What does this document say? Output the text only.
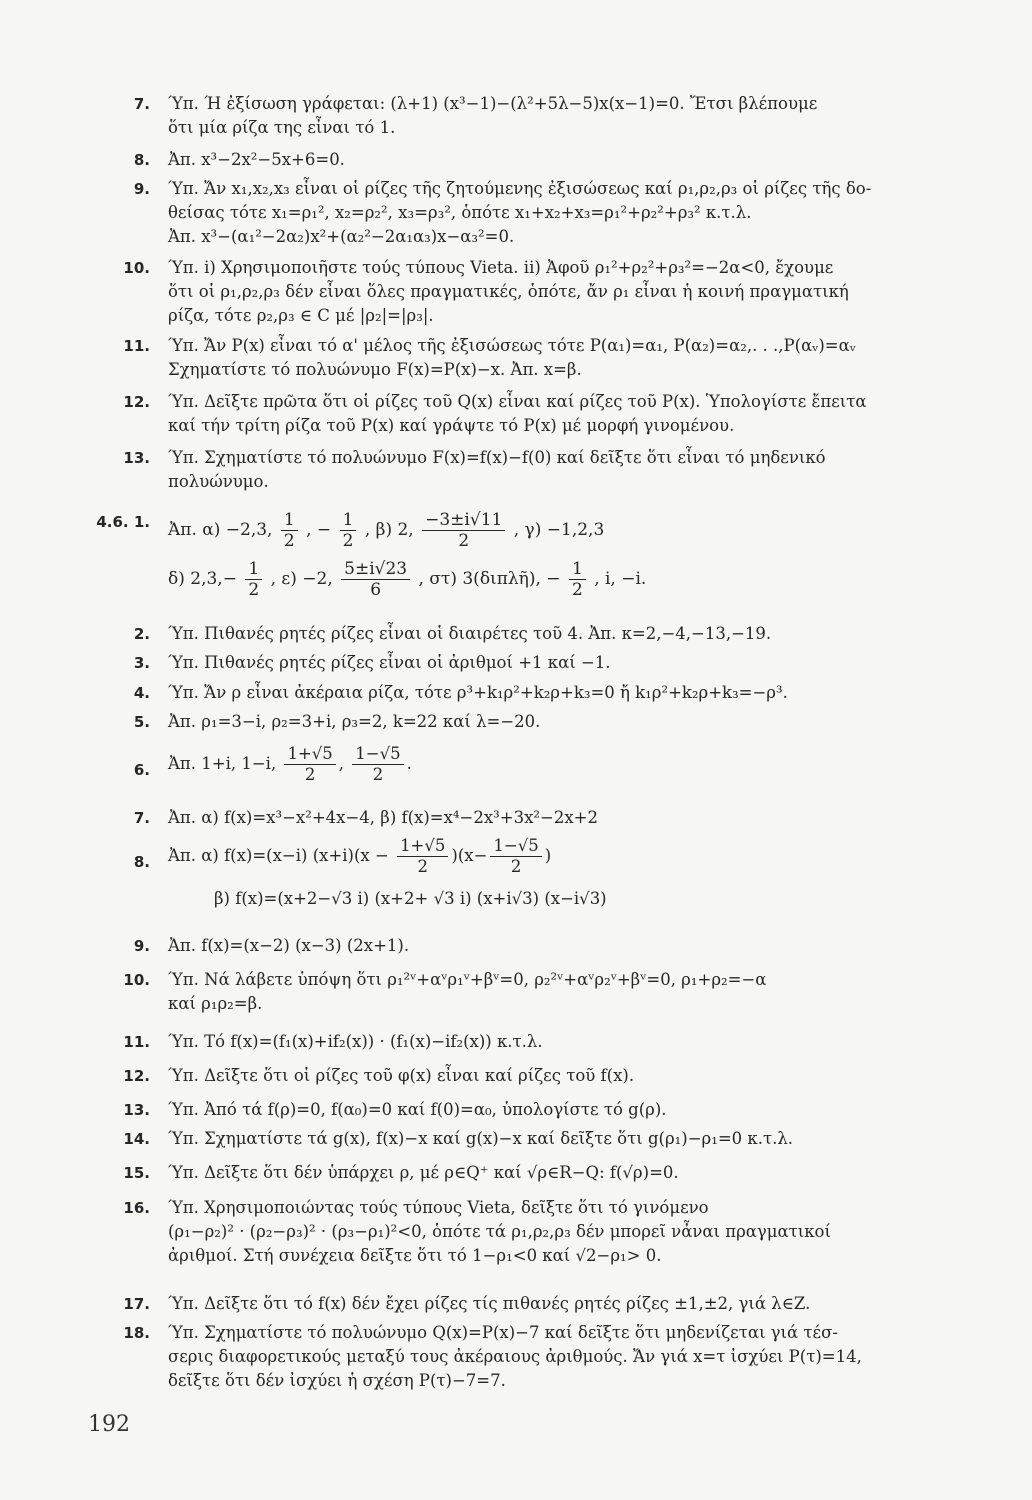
7. Ύπ. Ή ἐξίσωση γράφεται: (λ+1) (x³−1)−(λ²+5λ−5)x(x−1)=0. Ἔτσι βλέπουμε
ὅτι μία ρίζα της εἶναι τό 1.
8. Ἀπ. x³−2x²−5x+6=0.
9. Ύπ. Ἄν x₁,x₂,x₃ εἶναι οἱ ρίζες τῆς ζητούμενης ἐξισώσεως καί ρ₁,ρ₂,ρ₃ οἱ ρίζες τῆς δο-
θείσας τότε x₁=ρ₁², x₂=ρ₂², x₃=ρ₃², ὁπότε x₁+x₂+x₃=ρ₁²+ρ₂²+ρ₃² κ.τ.λ.
Ἀπ. x³−(α₁²−2α₂)x²+(α₂²−2α₁α₃)x−α₃²=0.
10. Ύπ. i) Χρησιμοποιῆστε τούς τύπους Vieta. ii) Ἀφοῦ ρ₁²+ρ₂²+ρ₃²=−2α<0, ἔχουμε
ὅτι οἱ ρ₁,ρ₂,ρ₃ δέν εἶναι ὅλες πραγματικές, ὁπότε, ἄν ρ₁ εἶναι ἡ κοινή πραγματική
ρίζα, τότε ρ₂,ρ₃ ∈ C μέ |ρ₂|=|ρ₃|.
11. Ύπ. Ἄν P(x) εἶναι τό α' μέλος τῆς ἐξισώσεως τότε P(α₁)=α₁, P(α₂)=α₂,. . .,P(αᵥ)=αᵥ
Σχηματίστε τό πολυώνυμο F(x)=P(x)−x. Ἀπ. x=β.
12. Ύπ. Δεῖξτε πρῶτα ὅτι οἱ ρίζες τοῦ Q(x) εἶναι καί ρίζες τοῦ P(x). Ὑπολογίστε ἔπειτα
καί τήν τρίτη ρίζα τοῦ P(x) καί γράψτε τό P(x) μέ μορφή γινομένου.
13. Ύπ. Σχηματίστε τό πολυώνυμο F(x)=f(x)−f(0) καί δεῖξτε ὅτι εἶναι τό μηδενικό
πολυώνυμο.
4.6. 1. Ἀπ. α) −2,3, $\frac{1}{2}$ , − $\frac{1}{2}$ , β) 2, $\frac{-3\pm i√11}{2}$ , γ) −1,2,3
δ) $2,3,- \frac{1}{2}$ , ε) −2, $\frac{5\pm i√23}{6}$ , στ) 3(διπλῆ), − $\frac{1}{2}$ , i, −i.
2. Ύπ. Πιθανές ρητές ρίζες εἶναι οἱ διαιρέτες τοῦ 4. Ἀπ. κ=2,−4,−13,−19.
3. Ύπ. Πιθανές ρητές ρίζες εἶναι οἱ ἀριθμοί +1 καί −1.
4. Ύπ. Ἄν ρ εἶναι ἀκέραια ρίζα, τότε ρ³+k₁ρ²+k₂ρ+k₃=0 ἤ k₁ρ²+k₂ρ+k₃=−ρ³.
5. Ἀπ. ρ₁=3−i, ρ₂=3+i, ρ₃=2, k=22 καί λ=−20.
6. Ἀπ. 1+i, 1−i, $\frac{1+√5}{2}$ , $\frac{1-√5}{2}$ .
7. Ἀπ. α) f(x)=x³−x²+4x−4, β) f(x)=x⁴−2x³+3x²−2x+2
8. Ἀπ. α) f(x)=(x−i) $(x+i)(x - \frac{1+√5}{2} )(x- \frac{1-√5}{2}$ )
β) f(x)=(x+2−√3 i) (x+2+ √3 i) (x+i√3) (x−i√3)
9. Ἀπ. f(x)=(x−2) (x−3) (2x+1).
10. Ύπ. Νά λάβετε ὑπόψη ὅτι ρ₁²ᵛ+αᵛρ₁ᵛ+βᵛ=0, ρ₂²ᵛ+αᵛρ₂ᵛ+βᵛ=0, ρ₁+ρ₂=−α
καί ρ₁ρ₂=β.
11. Ύπ. Τό f(x)=(f₁(x)+if₂(x)) · (f₁(x)−if₂(x)) κ.τ.λ.
12. Ύπ. Δεῖξτε ὅτι οἱ ρίζες τοῦ φ(x) εἶναι καί ρίζες τοῦ f(x).
13. Ύπ. Ἀπό τά f(ρ)=0, f(α₀)=0 καί f(0)=α₀, ὑπολογίστε τό g(ρ).
14. Ύπ. Σχηματίστε τά g(x), f(x)−x καί g(x)−x καί δεῖξτε ὅτι g(ρ₁)−ρ₁=0 κ.τ.λ.
15. Ύπ. Δεῖξτε ὅτι δέν ὑπάρχει ρ, μέ ρ∈Q⁺ καί √ρ∈R−Q: f(√ρ)=0.
16. Ύπ. Χρησιμοποιώντας τούς τύπους Vieta, δεῖξτε ὅτι τό γινόμενο
(ρ₁−ρ₂)² · (ρ₂−ρ₃)² · (ρ₃−ρ₁)²<0, ὁπότε τά ρ₁,ρ₂,ρ₃ δέν μπορεῖ νἆναι πραγματικοί
ἀριθμοί. Στή συνέχεια δεῖξτε ὅτι τό 1−ρ₁<0 καί √2−ρ₁> 0.
17. Ύπ. Δεῖξτε ὅτι τό f(x) δέν ἔχει ρίζες τίς πιθανές ρητές ρίζες ±1,±2, γιά λ∈Z.
18. Ύπ. Σχηματίστε τό πολυώνυμο Q(x)=P(x)−7 καί δεῖξτε ὅτι μηδενίζεται γιά τέσ-
σερις διαφορετικούς μεταξύ τους ἀκέραιους ἀριθμούς. Ἄν γιά x=τ ἰσχύει P(τ)=14,
δεῖξτε ὅτι δέν ἰσχύει ἡ σχέση P(τ)−7=7.
192
